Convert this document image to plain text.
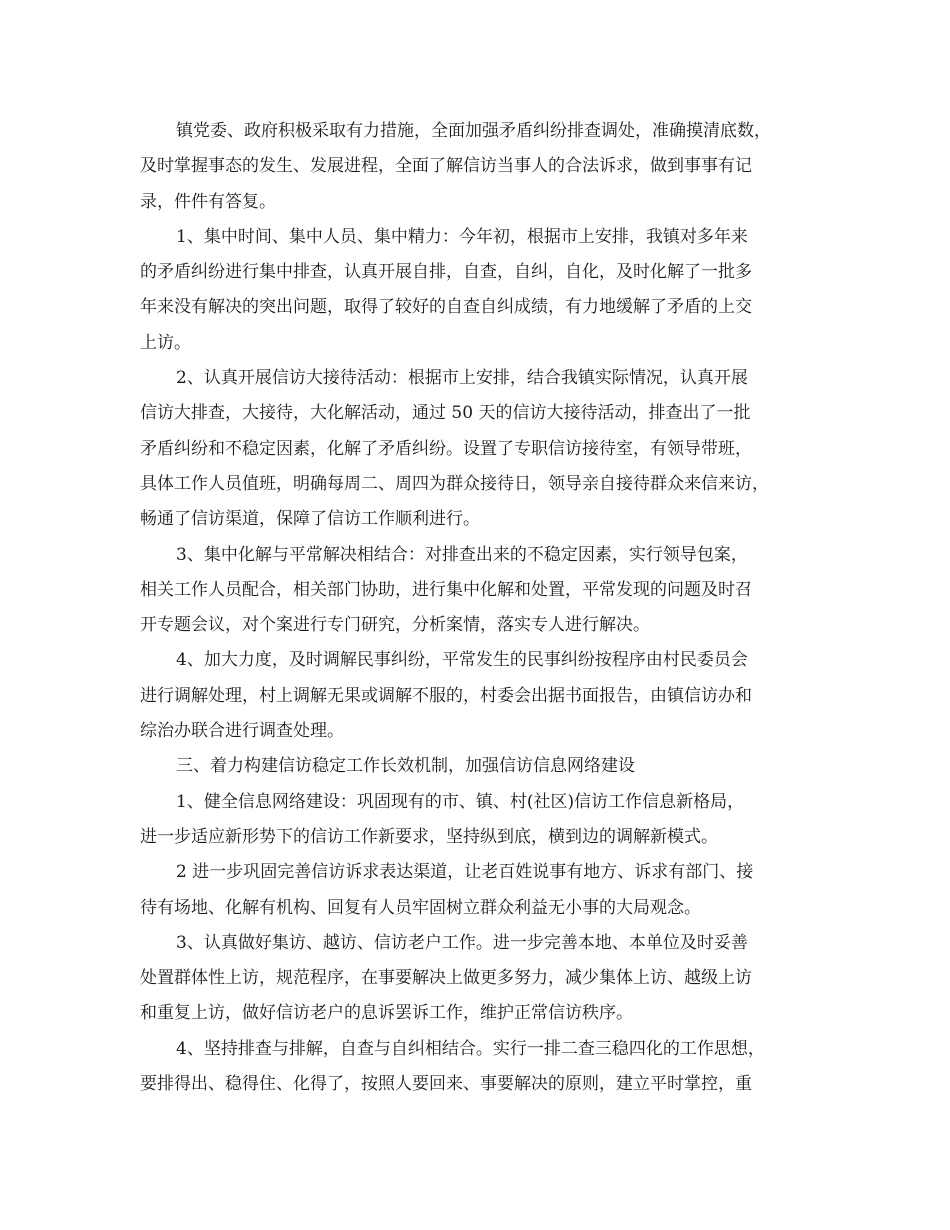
镇党委、政府积极采取有力措施，全面加强矛盾纠纷排查调处，准确摸清底数，
及时掌握事态的发生、发展进程，全面了解信访当事人的合法诉求，做到事事有记
录，件件有答复。
1、集中时间、集中人员、集中精力：今年初，根据市上安排，我镇对多年来
的矛盾纠纷进行集中排查，认真开展自排，自查，自纠，自化，及时化解了一批多
年来没有解决的突出问题，取得了较好的自查自纠成绩，有力地缓解了矛盾的上交
上访。
2、认真开展信访大接待活动：根据市上安排，结合我镇实际情况，认真开展
信访大排查，大接待，大化解活动，通过 50 天的信访大接待活动，排查出了一批
矛盾纠纷和不稳定因素，化解了矛盾纠纷。设置了专职信访接待室，有领导带班，
具体工作人员值班，明确每周二、周四为群众接待日，领导亲自接待群众来信来访，
畅通了信访渠道，保障了信访工作顺利进行。
3、集中化解与平常解决相结合：对排查出来的不稳定因素，实行领导包案，
相关工作人员配合，相关部门协助，进行集中化解和处置，平常发现的问题及时召
开专题会议，对个案进行专门研究，分析案情，落实专人进行解决。
4、加大力度，及时调解民事纠纷，平常发生的民事纠纷按程序由村民委员会
进行调解处理，村上调解无果或调解不服的，村委会出据书面报告，由镇信访办和
综治办联合进行调查处理。
三、着力构建信访稳定工作长效机制，加强信访信息网络建设
1、健全信息网络建设：巩固现有的市、镇、村(社区)信访工作信息新格局，
进一步适应新形势下的信访工作新要求，坚持纵到底，横到边的调解新模式。
2 进一步巩固完善信访诉求表达渠道，让老百姓说事有地方、诉求有部门、接
待有场地、化解有机构、回复有人员牢固树立群众利益无小事的大局观念。
3、认真做好集访、越访、信访老户工作。进一步完善本地、本单位及时妥善
处置群体性上访，规范程序，在事要解决上做更多努力，减少集体上访、越级上访
和重复上访，做好信访老户的息诉罢诉工作，维护正常信访秩序。
4、坚持排查与排解，自查与自纠相结合。实行一排二查三稳四化的工作思想，
要排得出、稳得住、化得了，按照人要回来、事要解决的原则，建立平时掌控，重
